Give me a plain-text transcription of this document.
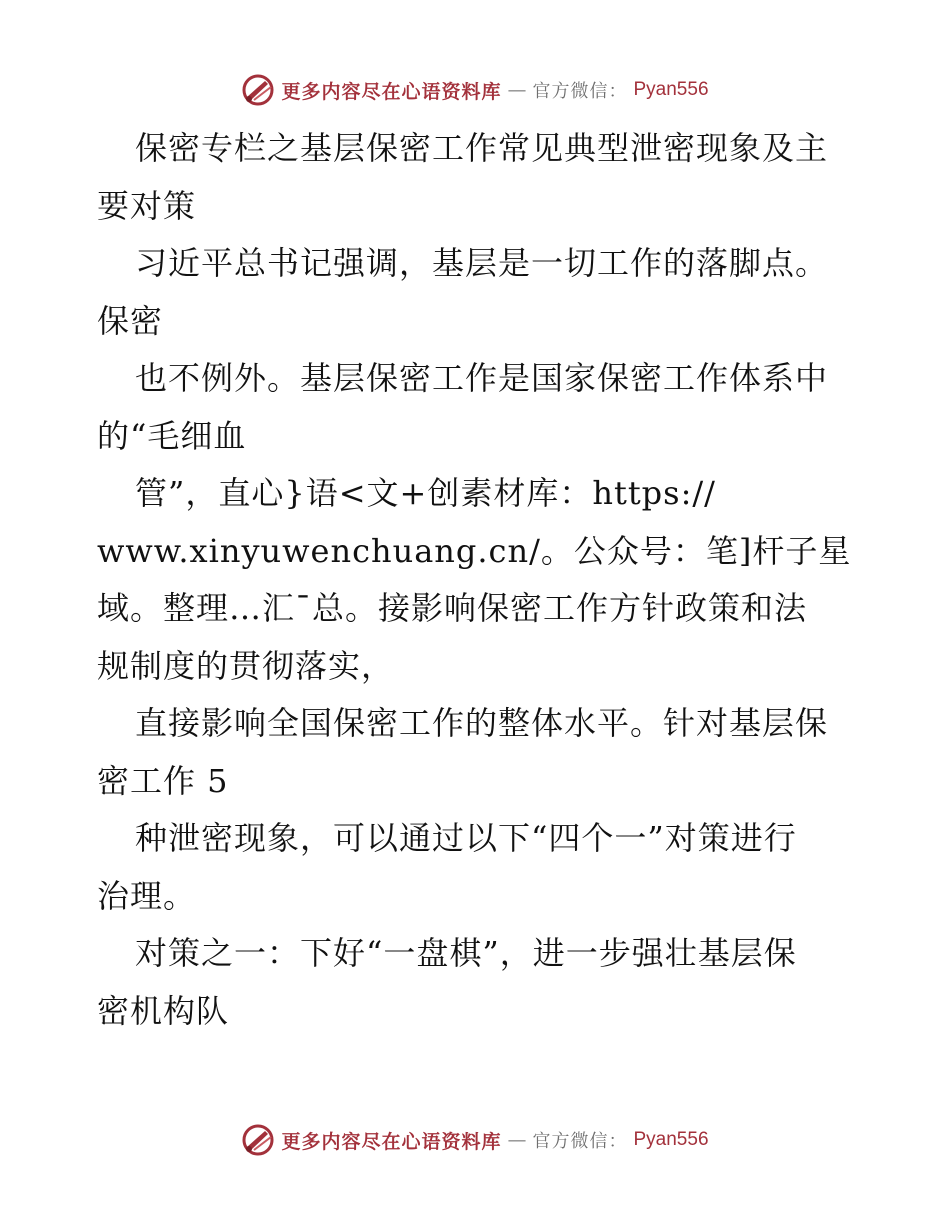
更多内容尽在心语资料库 — 官方微信： Pyan556
保密专栏之基层保密工作常见典型泄密现象及主
要对策
习近平总书记强调，基层是一切工作的落脚点。
保密
也不例外。基层保密工作是国家保密工作体系中
的“毛细血
管”，直心}语<文+创素材库：https://
www.xinyuwenchuang.cn/。公众号：笔]杆子星
域。整理…汇¯总。接影响保密工作方针政策和法
规制度的贯彻落实，
直接影响全国保密工作的整体水平。针对基层保
密工作 5
种泄密现象，可以通过以下“四个一”对策进行
治理。
对策之一：下好“一盘棋”，进一步强壮基层保
密机构队
更多内容尽在心语资料库 — 官方微信： Pyan556
